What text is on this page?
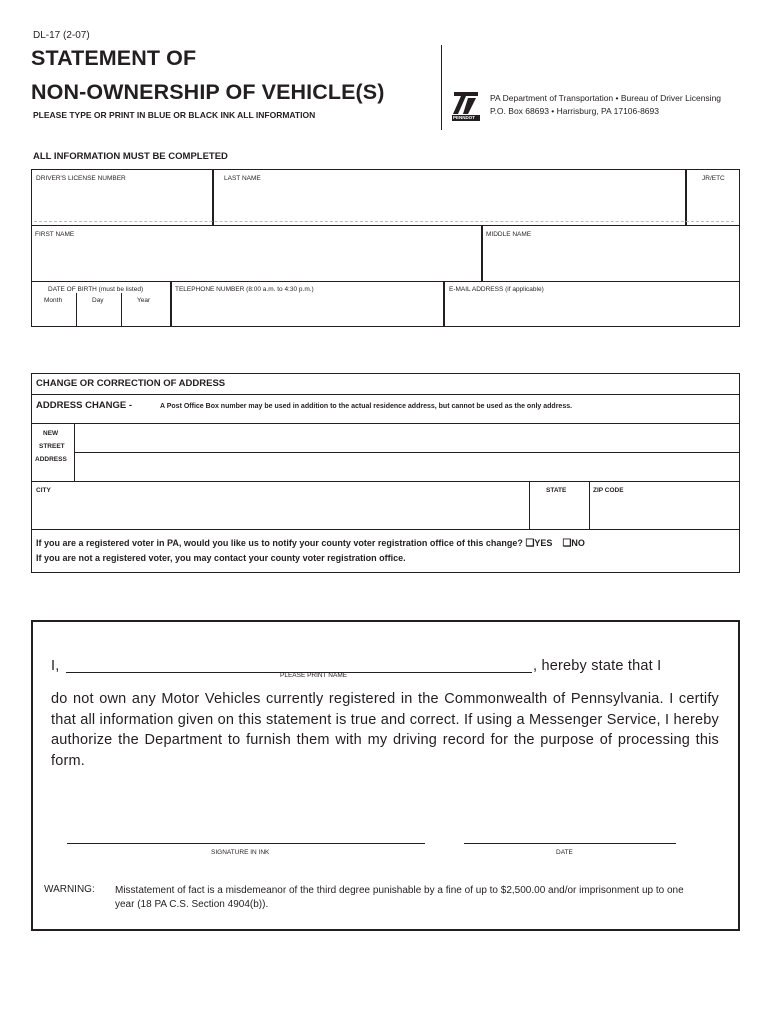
DL-17 (2-07)
STATEMENT OF
NON-OWNERSHIP OF VEHICLE(S)
PLEASE TYPE OR PRINT IN BLUE OR BLACK INK ALL INFORMATION	PENNDOT
PA Department of Transportation • Bureau of Driver Licensing
P.O. Box 68693 • Harrisburg, PA 17106-8693
ALL INFORMATION MUST BE COMPLETED
DRIVER'S LICENSE NUMBER	LAST NAME	JR/ETC
FIRST NAME	MIDDLE NAME
DATE OF BIRTH (must be listed)
Month	Day	Year
TELEPHONE NUMBER (8:00 a.m. to 4:30 p.m.)	E-MAIL ADDRESS (if applicable)
CHANGE OR CORRECTION OF ADDRESS
ADDRESS CHANGE -	A Post Office Box number may be used in addition to the actual residence address, but cannot be used as the only address.
NEW
STREET
ADDRESS
CITY	STATE	ZIP CODE
If you are a registered voter in PA, would you like us to notify your county voter registration office of this change? ❏YES ❏NO
If you are not a registered voter, you may contact your county voter registration office.
I,	, hereby state that I
PLEASE PRINT NAME
do not own any Motor Vehicles currently registered in the Commonwealth of Pennsylvania. I certify that all information given on this statement is true and correct. If using a Messenger Service, I hereby authorize the Department to furnish them with my driving record for the purpose of processing this form.
SIGNATURE IN INK	DATE
WARNING: Misstatement of fact is a misdemeanor of the third degree punishable by a fine of up to $2,500.00 and/or imprisonment up to one year (18 PA C.S. Section 4904(b)).
